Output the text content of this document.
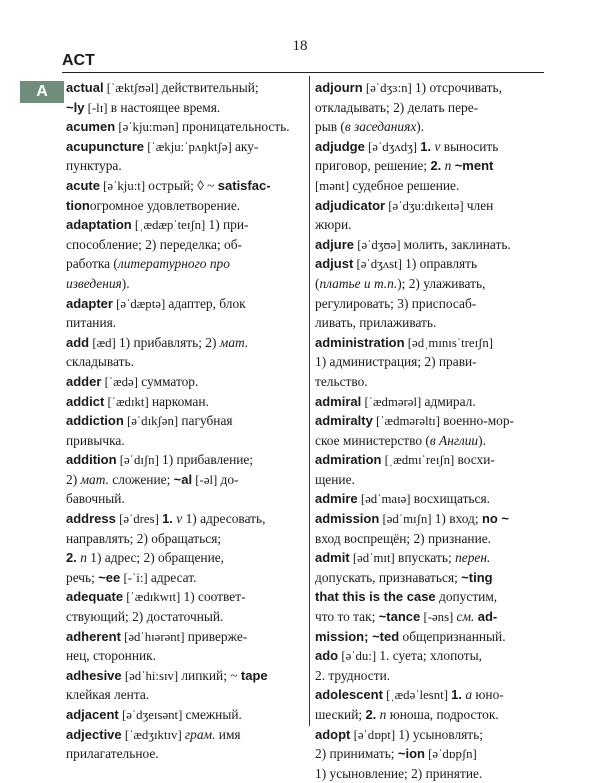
18
ACT
A	actual [ˈæktʃʊəl] действительный;
~ly [-lɪ] в настоящее время.
acumen [əˈkju:mən] проницательность.
acupuncture [ˈækju:ˈpʌŋktʃə] аку-
пунктура.
acute [əˈkju:t] острый; ◊ ~ satisfac-
tionогромное удовлетворение.
adaptation [ˌædæpˈteɪʃn] 1) при-
способление; 2) переделка; об-
работка (литературного про
изведения).
adapter [əˈdæptə] адаптер, блок
питания.
add [æd] 1) прибавлять; 2) мат.
складывать.
adder [ˈædə] сумматор.
addict [ˈædɪkt] наркоман.
addiction [əˈdɪkʃən] пагубная
привычка.
addition [əˈdɪʃn] 1) прибавление;
2) мат. сложение; ~al [-əl] до-
бавочный.
address [əˈdres] 1. v 1) адресовать,
направлять; 2) обращаться;
2. n 1) адрес; 2) обращение,
речь; ~ee [-ˈi:] адресат.
adequate [ˈædɪkwɪt] 1) соответ-
ствующий; 2) достаточный.
adherent [ədˈhɪərənt] привержe-
нец, сторонник.
adhesive [ədˈhi:sɪv] липкий; ~ tape
клейкая лента.
adjacent [əˈdʒeɪsənt] смежный.
adjective [ˈædʒɪktɪv] грам. имя
прилагательное.
adjourn [əˈdʒɜ:n] 1) отсрочивать,
откладывать; 2) делать пере-
рыв (в заседаниях).
adjudge [əˈdʒʌdʒ] 1. v выносить
приговор, решение; 2. n ~ment
[mənt] судебное решение.
adjudicator [əˈdʒu:dɪkeɪtə] член
жюри.
adjure [əˈdʒʊə] молить, заклинать.
adjust [əˈdʒʌst] 1) оправлять
(платье и т.п.); 2) улаживать,
регулировать; 3) приспосаб-
ливать, прилаживать.
administration [ədˌmɪnɪsˈtreɪʃn]
1) администрация; 2) прави-
тельство.
admiral [ˈædmərəl] адмирал.
admiralty [ˈædmərəltɪ] военно-мор-
ское министерство (в Англии).
admiration [ˌædmɪˈreɪʃn] восхи-
щение.
admire [ədˈmaɪə] восхищаться.
admission [ədˈmɪʃn] 1) вход; no ~
вход воспрещён; 2) признание.
admit [ədˈmɪt] впускать; перен.
допускать, признаваться; ~ting
that this is the case допустим,
что то так; ~tance [-əns] см. ad-
mission; ~ted общепризнанный.
ado [əˈdu:] 1. суета; хлопоты,
2. трудности.
adolescent [ˌædəˈlesnt] 1. a юно-
шеский; 2. n юноша, подросток.
adopt [əˈdɒpt] 1) усыновлять;
2) принимать; ~ion [əˈdɒpʃn]
1) усыновление; 2) принятие.
